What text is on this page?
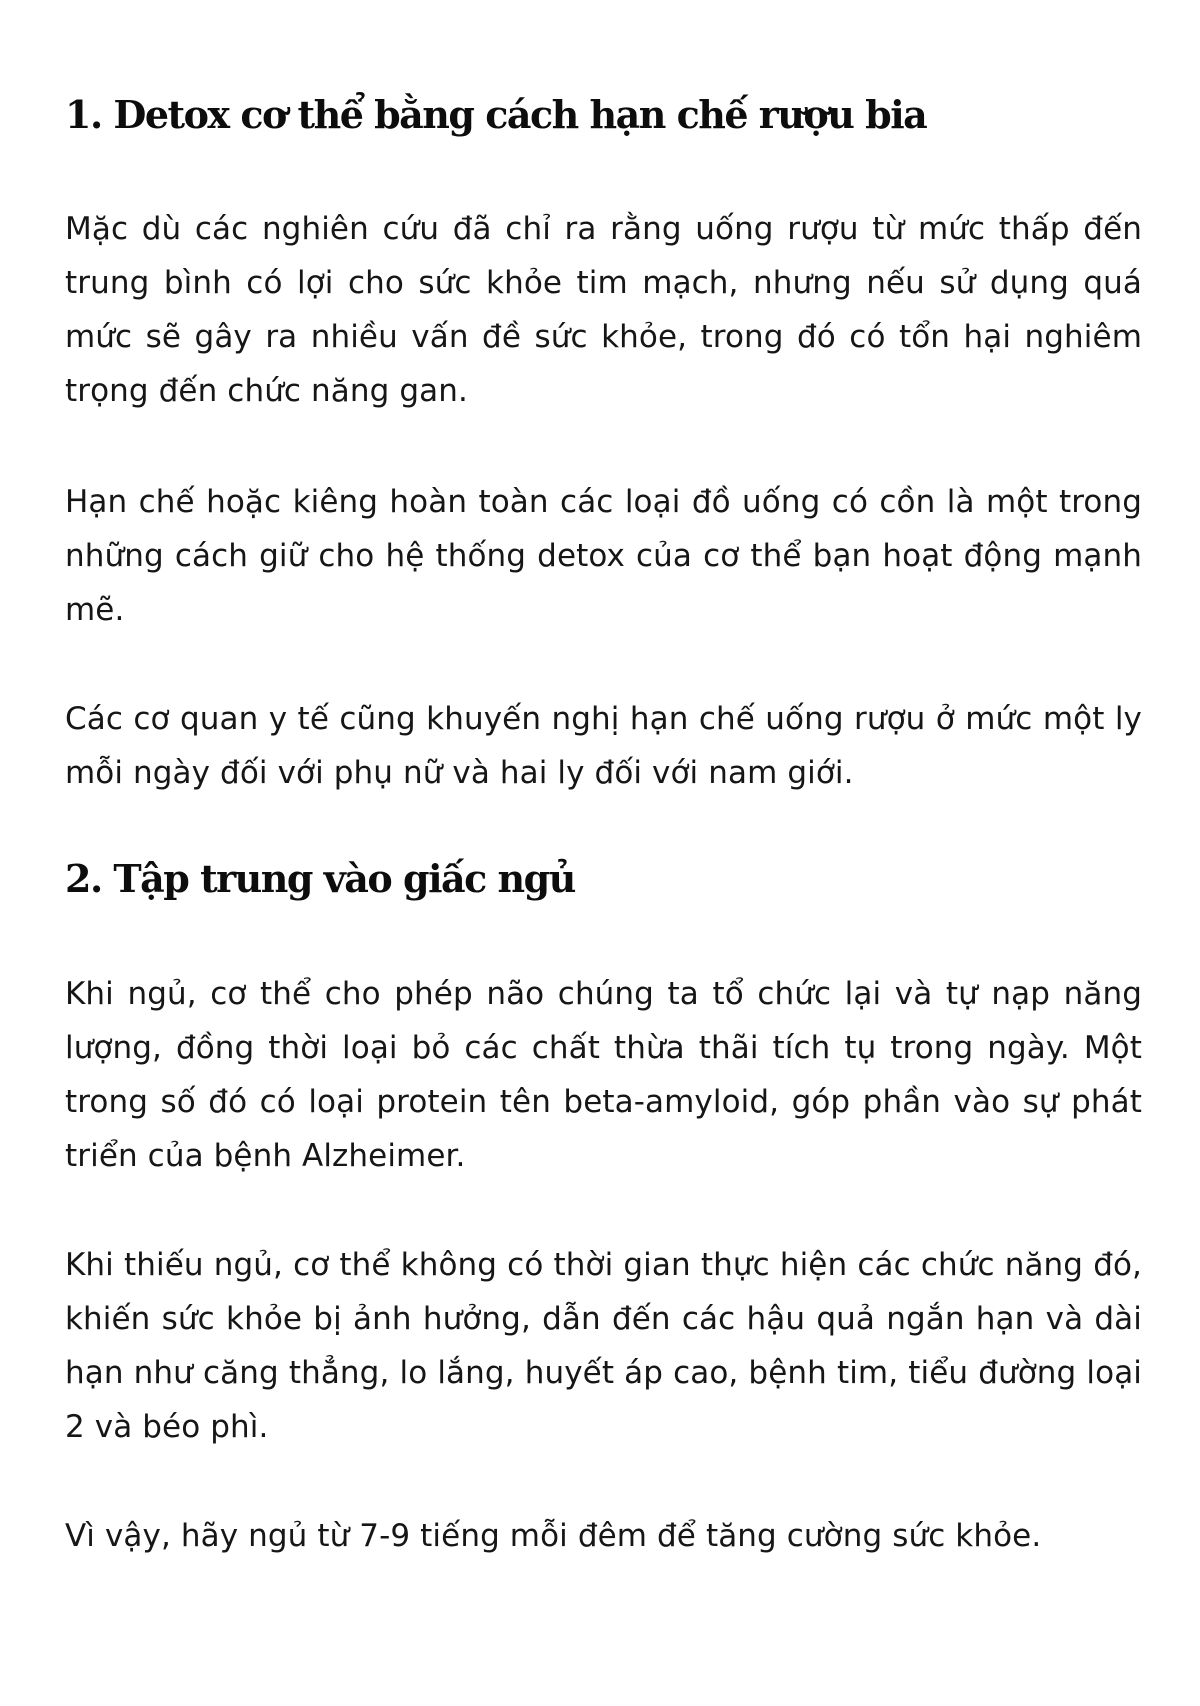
1. Detox cơ thể bằng cách hạn chế rượu bia

Mặc dù các nghiên cứu đã chỉ ra rằng uống rượu từ mức thấp đến trung bình có lợi cho sức khỏe tim mạch, nhưng nếu sử dụng quá mức sẽ gây ra nhiều vấn đề sức khỏe, trong đó có tổn hại nghiêm trọng đến chức năng gan.

Hạn chế hoặc kiêng hoàn toàn các loại đồ uống có cồn là một trong những cách giữ cho hệ thống detox của cơ thể bạn hoạt động mạnh mẽ.

Các cơ quan y tế cũng khuyến nghị hạn chế uống rượu ở mức một ly mỗi ngày đối với phụ nữ và hai ly đối với nam giới.

2. Tập trung vào giấc ngủ

Khi ngủ, cơ thể cho phép não chúng ta tổ chức lại và tự nạp năng lượng, đồng thời loại bỏ các chất thừa thãi tích tụ trong ngày. Một trong số đó có loại protein tên beta-amyloid, góp phần vào sự phát triển của bệnh Alzheimer.

Khi thiếu ngủ, cơ thể không có thời gian thực hiện các chức năng đó, khiến sức khỏe bị ảnh hưởng, dẫn đến các hậu quả ngắn hạn và dài hạn như căng thẳng, lo lắng, huyết áp cao, bệnh tim, tiểu đường loại 2 và béo phì.

Vì vậy, hãy ngủ từ 7-9 tiếng mỗi đêm để tăng cường sức khỏe.
